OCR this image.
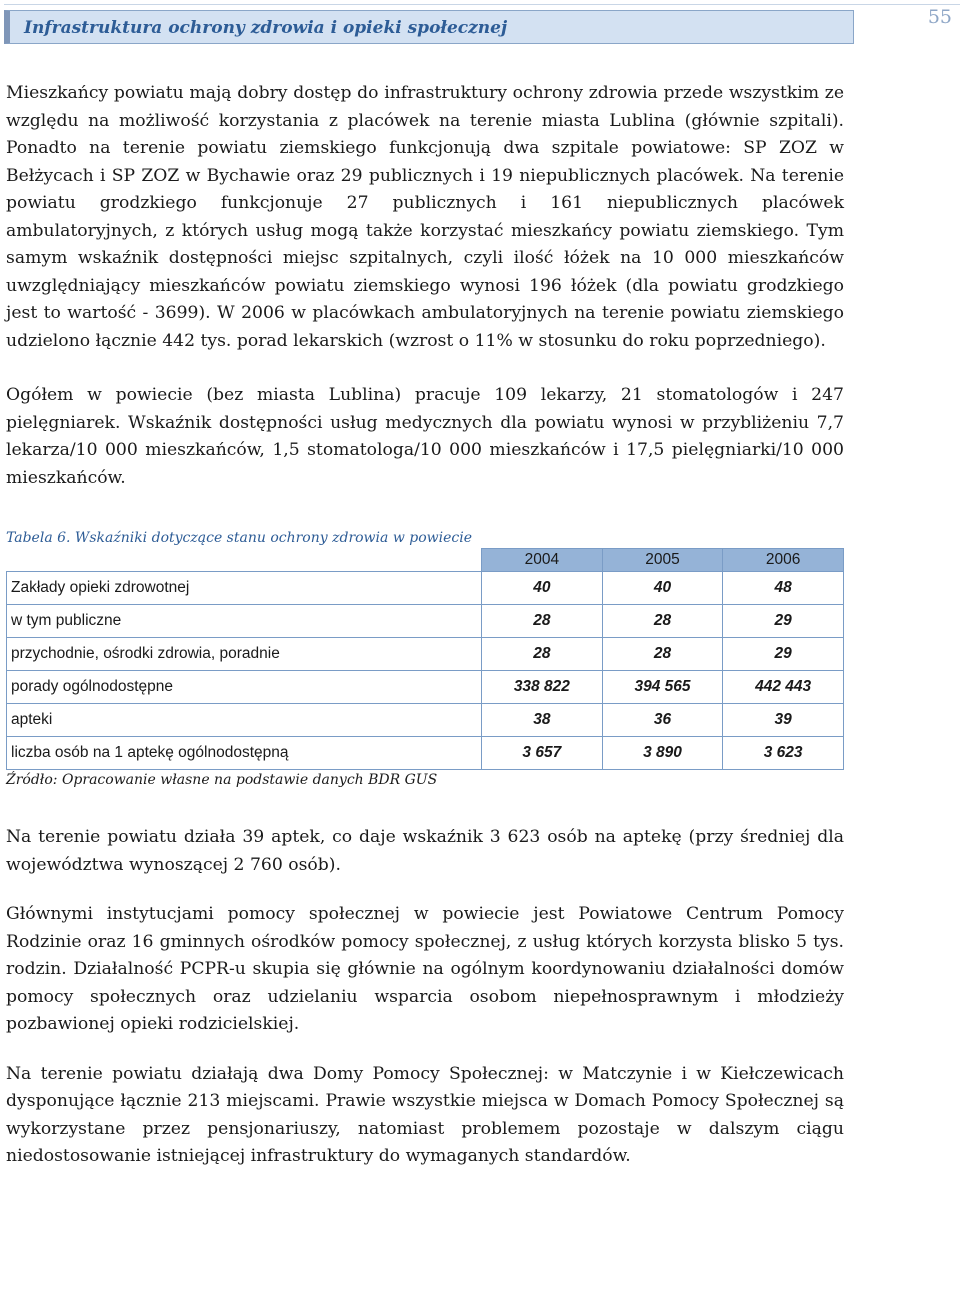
Infrastruktura ochrony zdrowia i opieki społecznej	55

Mieszkańcy powiatu mają dobry dostęp do infrastruktury ochrony zdrowia przede wszystkim ze względu na możliwość korzystania z placówek na terenie miasta Lublina (głównie szpitali). Ponadto na terenie powiatu ziemskiego funkcjonują dwa szpitale powiatowe: SP ZOZ w Bełżycach i SP ZOZ w Bychawie oraz 29 publicznych i 19 niepublicznych placówek. Na terenie powiatu grodzkiego funkcjonuje 27 publicznych i 161 niepublicznych placówek ambulatoryjnych, z których usług mogą także korzystać mieszkańcy powiatu ziemskiego. Tym samym wskaźnik dostępności miejsc szpitalnych, czyli ilość łóżek na 10 000 mieszkańców uwzględniający mieszkańców powiatu ziemskiego wynosi 196 łóżek (dla powiatu grodzkiego jest to wartość - 3699). W 2006 w placówkach ambulatoryjnych na terenie powiatu ziemskiego udzielono łącznie 442 tys. porad lekarskich (wzrost o 11% w stosunku do roku poprzedniego).

Ogółem w powiecie (bez miasta Lublina) pracuje 109 lekarzy, 21 stomatologów i 247 pielęgniarek. Wskaźnik dostępności usług medycznych dla powiatu wynosi w przybliżeniu 7,7 lekarza/10 000 mieszkańców, 1,5 stomatologa/10 000 mieszkańców i 17,5 pielęgniarki/10 000 mieszkańców.

Tabela 6. Wskaźniki dotyczące stanu ochrony zdrowia w powiecie
	2004	2005	2006
Zakłady opieki zdrowotnej	40	40	48
w tym publiczne	28	28	29
przychodnie, ośrodki zdrowia, poradnie	28	28	29
porady ogólnodostępne	338 822	394 565	442 443
apteki	38	36	39
liczba osób na 1 aptekę ogólnodostępną	3 657	3 890	3 623
Źródło: Opracowanie własne na podstawie danych BDR GUS

Na terenie powiatu działa 39 aptek, co daje wskaźnik 3 623 osób na aptekę (przy średniej dla województwa wynoszącej 2 760 osób).

Głównymi instytucjami pomocy społecznej w powiecie jest Powiatowe Centrum Pomocy Rodzinie oraz 16 gminnych ośrodków pomocy społecznej, z usług których korzysta blisko 5 tys. rodzin. Działalność PCPR-u skupia się głównie na ogólnym koordynowaniu działalności domów pomocy społecznych oraz udzielaniu wsparcia osobom niepełnosprawnym i młodzieży pozbawionej opieki rodzicielskiej.

Na terenie powiatu działają dwa Domy Pomocy Społecznej: w Matczynie i w Kiełczewicach dysponujące łącznie 213 miejscami. Prawie wszystkie miejsca w Domach Pomocy Społecznej są wykorzystane przez pensjonariuszy, natomiast problemem pozostaje w dalszym ciągu niedostosowanie istniejącej infrastruktury do wymaganych standardów.
